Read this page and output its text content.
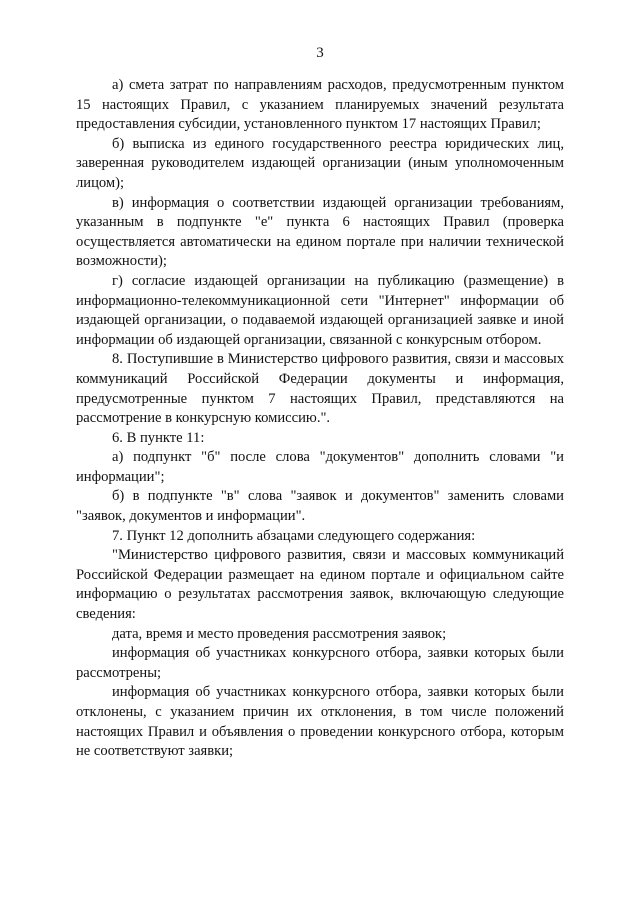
3

а) смета затрат по направлениям расходов, предусмотренным пунктом 15 настоящих Правил, с указанием планируемых значений результата предоставления субсидии, установленного пунктом 17 настоящих Правил;

б) выписка из единого государственного реестра юридических лиц, заверенная руководителем издающей организации (иным уполномоченным лицом);

в) информация о соответствии издающей организации требованиям, указанным в подпункте "е" пункта 6 настоящих Правил (проверка осуществляется автоматически на едином портале при наличии технической возможности);

г) согласие издающей организации на публикацию (размещение) в информационно-телекоммуникационной сети "Интернет" информации об издающей организации, о подаваемой издающей организацией заявке и иной информации об издающей организации, связанной с конкурсным отбором.

8. Поступившие в Министерство цифрового развития, связи и массовых коммуникаций Российской Федерации документы и информация, предусмотренные пунктом 7 настоящих Правил, представляются на рассмотрение в конкурсную комиссию.".

6. В пункте 11:

а) подпункт "б" после слова "документов" дополнить словами "и информации";

б) в подпункте "в" слова "заявок и документов" заменить словами "заявок, документов и информации".

7. Пункт 12 дополнить абзацами следующего содержания:

"Министерство цифрового развития, связи и массовых коммуникаций Российской Федерации размещает на едином портале и официальном сайте информацию о результатах рассмотрения заявок, включающую следующие сведения:

дата, время и место проведения рассмотрения заявок;

информация об участниках конкурсного отбора, заявки которых были рассмотрены;

информация об участниках конкурсного отбора, заявки которых были отклонены, с указанием причин их отклонения, в том числе положений настоящих Правил и объявления о проведении конкурсного отбора, которым не соответствуют заявки;
